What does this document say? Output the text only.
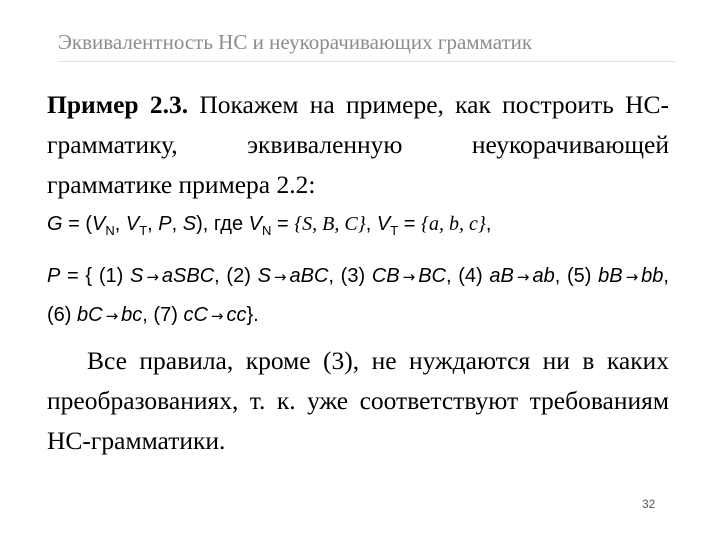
Эквивалентность НС и неукорачивающих грамматик
Пример 2.3. Покажем на примере, как построить НС-грамматику, эквиваленную неукорачивающей грамматике примера 2.2:
$G = (V_N$, $V_T$, P, S), где $V_N = \{S$, B, C}, $V_T = \{a$, b, c},
P = { (1) S → aSBC, (2) S → aBC, (3) CB → BC, (4) aB → ab, (5) bB → bb, (6) bC → bc, (7) cC → cc}.
Все правила, кроме (3), не нуждаются ни в каких преобразованиях, т. к. уже соответствуют требованиям НС-грамматики.
32
